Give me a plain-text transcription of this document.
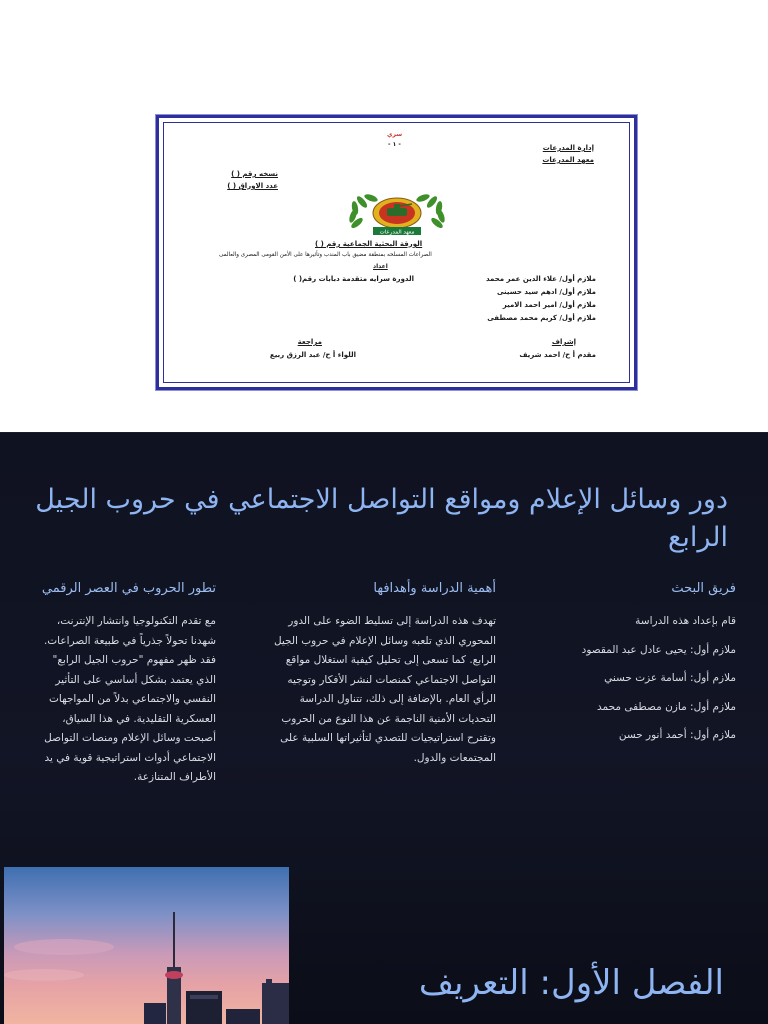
سري
- ١ -	إدارة المدرعات
معهد المدرعات
نسخه رقم ( )
عدد الاوراق ( )
معهد المدرعات
الورقة البحثية الجماعية رقم ( )
الصراعات المسلحه بمنطقة مضيق باب المندب وتأثيرها على الأمن القومى المصرى والعالمى
اعداد
ملازم أول/ علاء الدين عمر محمد
الدورة سرايه متقدمة دبابات رقم( )
ملازم أول/ ادهم سيد حسينى
ملازم أول/ امير احمد الامير
ملازم أول/ كريم محمد مصطفى
إشراف
مقدم أ ح/ احمد شريف
مراجعة
اللواء أ ح/ عبد الرزق ربيع
دور وسائل الإعلام ومواقع التواصل الاجتماعي في حروب الجيل الرابع
فريق البحث
قام بإعداد هذه الدراسة
ملازم أول: يحيى عادل عبد المقصود
ملازم أول: أسامة عزت حسني
ملازم أول: مازن مصطفى محمد
ملازم أول: أحمد أنور حسن
أهمية الدراسة وأهدافها
تهدف هذه الدراسة إلى تسليط الضوء على الدور المحوري الذي تلعبه وسائل الإعلام في حروب الجيل الرابع. كما تسعى إلى تحليل كيفية استغلال مواقع التواصل الاجتماعي كمنصات لنشر الأفكار وتوجيه الرأي العام. بالإضافة إلى ذلك، تتناول الدراسة التحديات الأمنية الناجمة عن هذا النوع من الحروب وتقترح استراتيجيات للتصدي لتأثيراتها السلبية على المجتمعات والدول.
تطور الحروب في العصر الرقمي
مع تقدم التكنولوجيا وانتشار الإنترنت، شهدنا تحولاً جذرياً في طبيعة الصراعات. فقد ظهر مفهوم "حروب الجيل الرابع" الذي يعتمد بشكل أساسي على التأثير النفسي والاجتماعي بدلاً من المواجهات العسكرية التقليدية. في هذا السياق، أصبحت وسائل الإعلام ومنصات التواصل الاجتماعي أدوات استراتيجية قوية في يد الأطراف المتنازعة.
الفصل الأول: التعريف
